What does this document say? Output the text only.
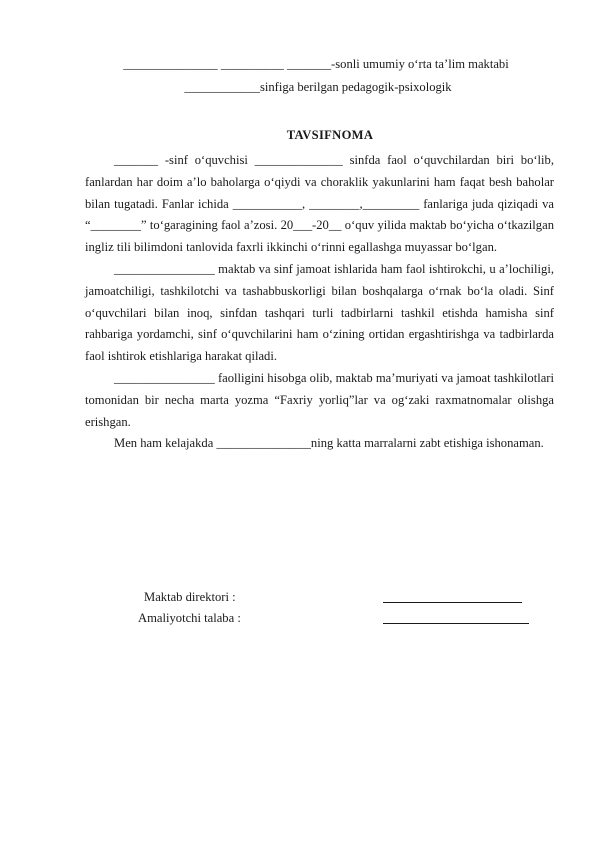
_______________ __________ _______-sonli umumiy o‘rta ta’lim maktabi
____________sinfiga berilgan pedagogik-psixologik
TAVSIFNOMA

_______ -sinf o‘quvchisi ______________ sinfda faol o‘quvchilardan biri bo‘lib, fanlardan har doim a’lo baholarga o‘qiydi va choraklik yakunlarini ham faqat besh baholar bilan tugatadi. Fanlar ichida ___________, ________,_________ fanlariga juda qiziqadi va “________” to‘garagining faol a’zosi. 20___-20__ o‘quv yilida maktab bo‘yicha o‘tkazilgan ingliz tili bilimdoni tanlovida faxrli ikkinchi o‘rinni egallashga muyassar bo‘lgan.

________________ maktab va sinf jamoat ishlarida ham faol ishtirokchi, u a’lochiligi, jamoatchiligi, tashkilotchi va tashabbuskorligi bilan boshqalarga o‘rnak bo‘la oladi. Sinf o‘quvchilari bilan inoq, sinfdan tashqari turli tadbirlarni tashkil etishda hamisha sinf rahbariga yordamchi, sinf o‘quvchilarini ham o‘zining ortidan ergashtirishga va tadbirlarda faol ishtirok etishlariga harakat qiladi.

________________ faolligini hisobga olib, maktab ma’muriyati va jamoat tashkilotlari tomonidan bir necha marta yozma “Faxriy yorliq”lar va og‘zaki raxmatnomalar olishga erishgan.

Men ham kelajakda _______________ning katta marralarni zabt etishiga ishonaman.

Maktab direktori :
Amaliyotchi talaba :
